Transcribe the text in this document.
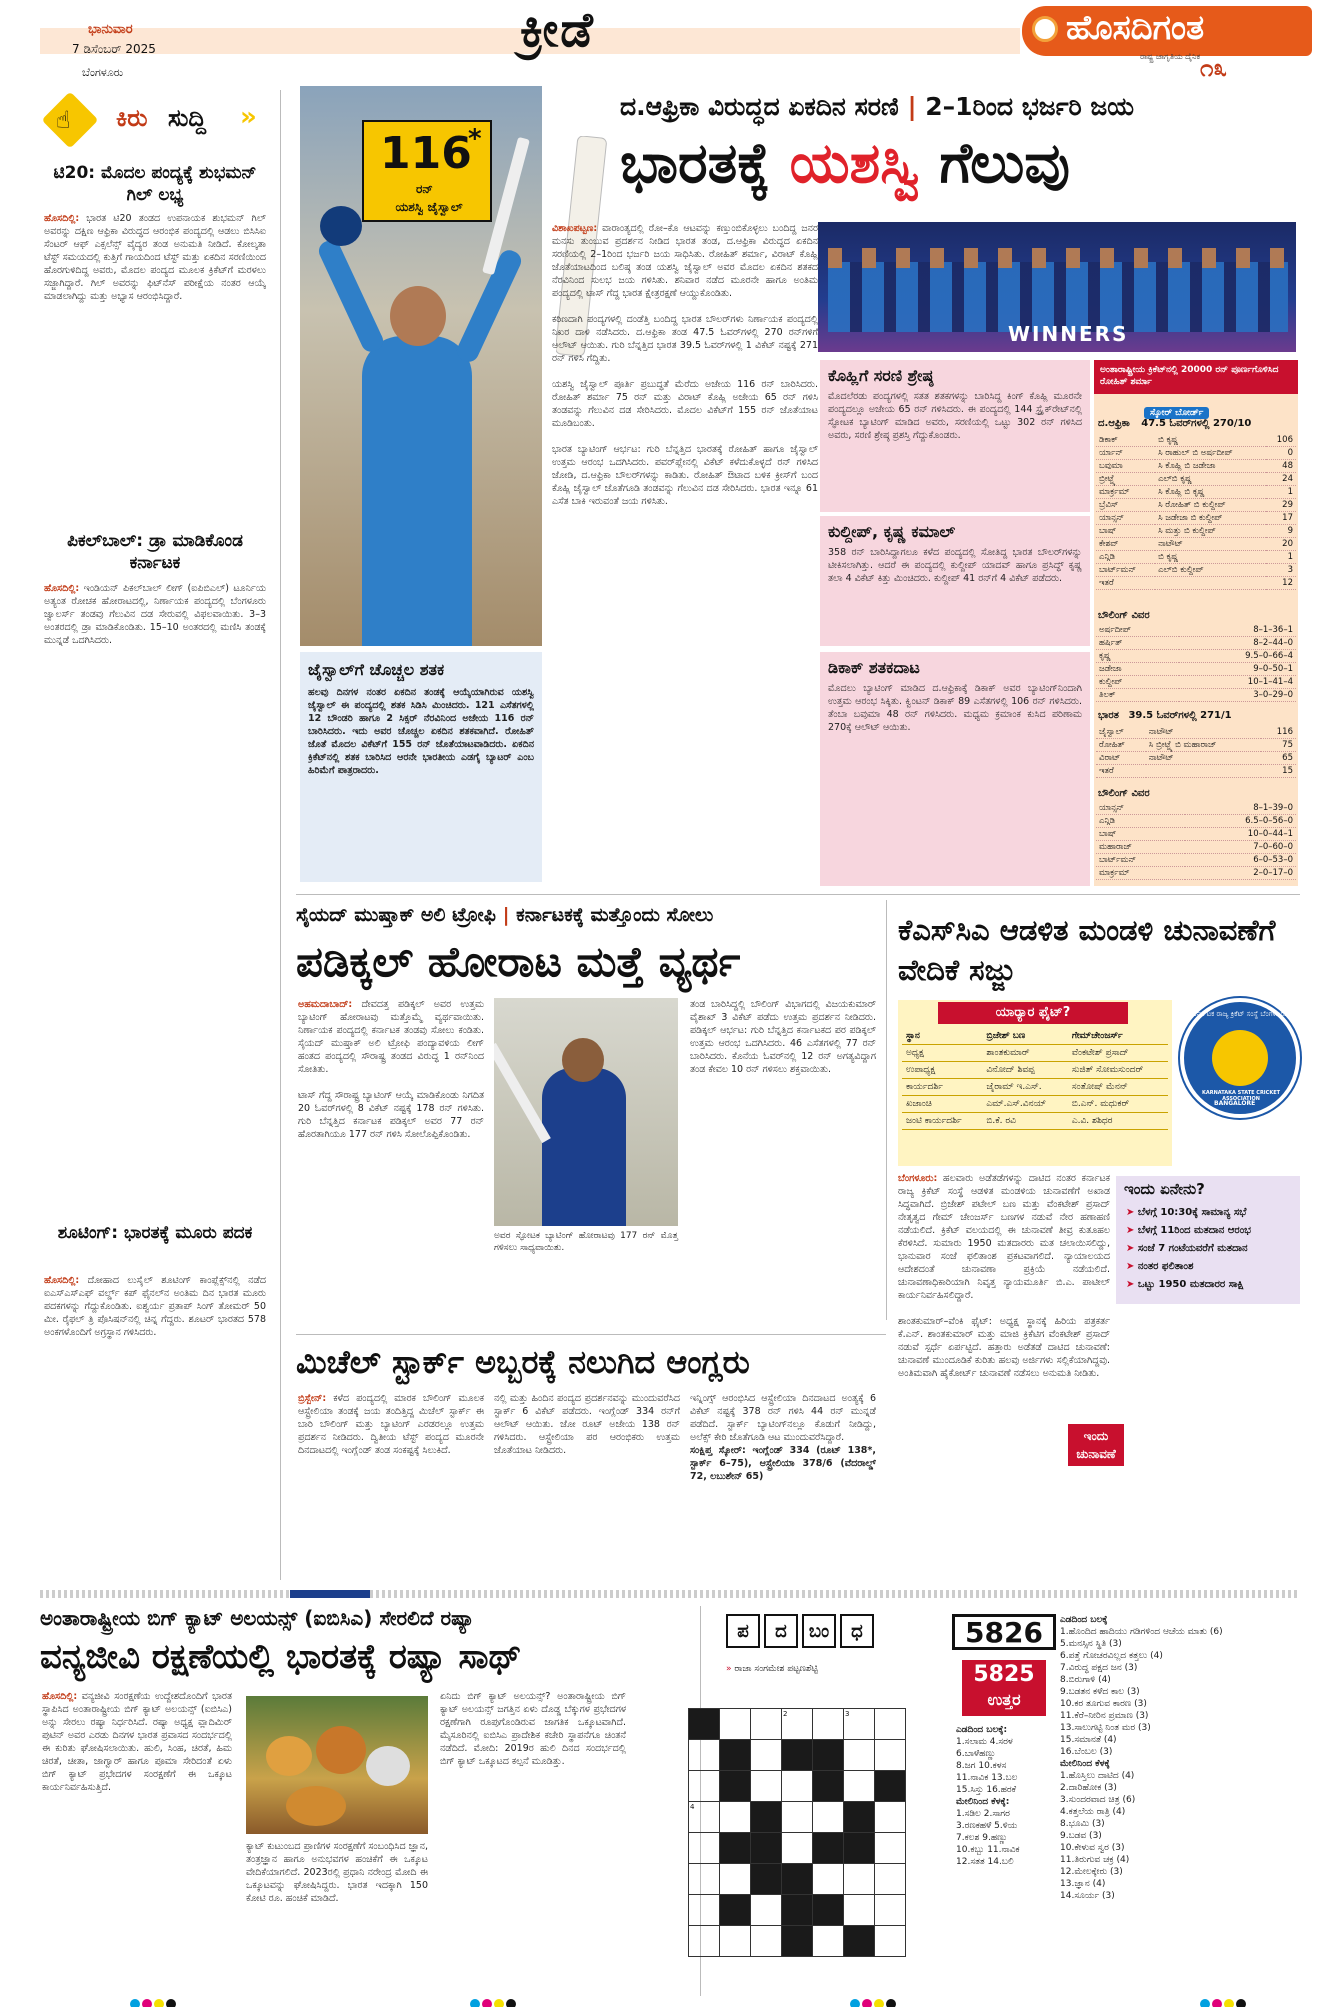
ಭಾನುವಾರ
7 ಡಿಸೆಂಬರ್ 2025
ಬೆಂಗಳೂರು
ಕ್ರೀಡೆ	ಹೊಸದಿಗಂತ
ರಾಷ್ಟ್ರ ಜಾಗೃತಿಯ ದೈನಿಕ ೧೩
☝ ಕಿರು ಸುದ್ದಿ »
ಟಿ20: ಮೊದಲ ಪಂದ್ಯಕ್ಕೆ ಶುಭಮನ್ ಗಿಲ್ ಲಭ್ಯ
ಹೊಸದಿಲ್ಲಿ: ಭಾರತ ಟಿ20 ತಂಡದ ಉಪನಾಯಕ ಶುಭಮನ್ ಗಿಲ್ ಅವರನ್ನು ದಕ್ಷಿಣ ಆಫ್ರಿಕಾ ವಿರುದ್ಧದ ಆರಂಭಿಕ ಪಂದ್ಯದಲ್ಲಿ ಆಡಲು ಬಿಸಿಸಿಐ ಸೆಂಟರ್ ಆಫ್ ಎಕ್ಸಲೆನ್ಸ್ ವೈದ್ಯರ ತಂಡ ಅನುಮತಿ ನೀಡಿದೆ. ಕೋಲ್ಕತಾ ಟೆಸ್ಟ್ ಸಮಯದಲ್ಲಿ ಕುತ್ತಿಗೆ ಗಾಯದಿಂದ ಟೆಸ್ಟ್ ಮತ್ತು ಏಕದಿನ ಸರಣಿಯಿಂದ ಹೊರಗುಳಿದಿದ್ದ ಅವರು, ಮೊದಲ ಪಂದ್ಯದ ಮೂಲಕ ಕ್ರಿಕೆಟ್‌ಗೆ ಮರಳಲು ಸಜ್ಜಾಗಿದ್ದಾರೆ. ಗಿಲ್ ಅವರನ್ನು ಫಿಟ್‌ನೆಸ್ ಪರೀಕ್ಷೆಯ ನಂತರ ಆಯ್ಕೆ ಮಾಡಲಾಗಿದ್ದು ಮತ್ತು ಅಭ್ಯಾಸ ಆರಂಭಿಸಿದ್ದಾರೆ.
ಪಿಕಲ್‌ಬಾಲ್: ಡ್ರಾ ಮಾಡಿಕೊಂಡ ಕರ್ನಾಟಕ
ಹೊಸದಿಲ್ಲಿ: ಇಂಡಿಯನ್ ಪಿಕಲ್‌ಬಾಲ್ ಲೀಗ್ (ಐಪಿಬಿಎಲ್) ಟೂರ್ನಿಯ ಅತ್ಯಂತ ರೋಚಕ ಹೋರಾಟದಲ್ಲಿ, ನಿರ್ಣಾಯಕ ಪಂದ್ಯದಲ್ಲಿ ಬೆಂಗಳೂರು ಜ್ವಾಲರ್ಸ್ ತಂಡವು ಗೆಲುವಿನ ದಡ ಸೇರುವಲ್ಲಿ ವಿಫಲವಾಯಿತು. 3–3 ಅಂತರದಲ್ಲಿ ಡ್ರಾ ಮಾಡಿಕೊಂಡಿತು. 15–10 ಅಂತರದಲ್ಲಿ ಮಣಿಸಿ ತಂಡಕ್ಕೆ ಮುನ್ನಡೆ ಒದಗಿಸಿದರು.
ಶೂಟಿಂಗ್: ಭಾರತಕ್ಕೆ ಮೂರು ಪದಕ
ಹೊಸದಿಲ್ಲಿ: ದೋಹಾದ ಲುಸೈಲ್ ಶೂಟಿಂಗ್ ಕಾಂಪ್ಲೆಕ್ಸ್‌ನಲ್ಲಿ ನಡೆದ ಐಎಸ್‌ಎಸ್‌ಎಫ್ ವರ್ಲ್ಡ್ ಕಪ್ ಫೈನಲ್‌ನ ಅಂತಿಮ ದಿನ ಭಾರತ ಮೂರು ಪದಕಗಳನ್ನು ಗೆದ್ದುಕೊಂಡಿತು. ಐಶ್ವರ್ಯ ಪ್ರತಾಪ್ ಸಿಂಗ್ ತೋಮರ್ 50 ಮೀ. ರೈಫಲ್ ತ್ರಿ ಪೊಸಿಷನ್‌ನಲ್ಲಿ ಚಿನ್ನ ಗೆದ್ದರು. ಶೂಟರ್ ಭಾರತದ 578 ಅಂಕಗಳೊಂದಿಗೆ ಅಗ್ರಸ್ಥಾನ ಗಳಿಸಿದರು.
116
*
ರನ್
ಯಶಸ್ವಿ ಜೈಸ್ವಾಲ್
ದ.ಆಫ್ರಿಕಾ ವಿರುದ್ಧದ ಏಕದಿನ ಸರಣಿ | 2–1ರಿಂದ ಭರ್ಜರಿ ಜಯ
ಭಾರತಕ್ಕೆ ಯಶಸ್ವಿ ಗೆಲುವು
ವಿಶಾಖಪಟ್ಟಣ: ವಾರಾಂತ್ಯದಲ್ಲಿ ರೋ–ಕೊ ಆಟವನ್ನು ಕಣ್ತುಂಬಿಕೊಳ್ಳಲು ಬಂದಿದ್ದ ಜನರ ಮನಸು ತುಂಬುವ ಪ್ರದರ್ಶನ ನೀಡಿದ ಭಾರತ ತಂಡ, ದ.ಆಫ್ರಿಕಾ ವಿರುದ್ಧದ ಏಕದಿನ ಸರಣಿಯಲ್ಲಿ 2–1ರಿಂದ ಭರ್ಜರಿ ಜಯ ಸಾಧಿಸಿತು. ರೋಹಿತ್ ಶರ್ಮಾ, ವಿರಾಟ್ ಕೊಹ್ಲಿ ಜೊತೆಯಾಟದಿಂದ ಬಲಿಷ್ಠ ತಂಡ ಯಶಸ್ವಿ ಜೈಸ್ವಾಲ್ ಅವರ ಮೊದಲ ಏಕದಿನ ಶತಕದ ನೆರವಿನಿಂದ ಸುಲಭ ಜಯ ಗಳಿಸಿತು. ಶನಿವಾರ ನಡೆದ ಮೂರನೇ ಹಾಗೂ ಅಂತಿಮ ಪಂದ್ಯದಲ್ಲಿ ಟಾಸ್ ಗೆದ್ದ ಭಾರತ ಕ್ಷೇತ್ರರಕ್ಷಣೆ ಆಯ್ದುಕೊಂಡಿತು.

ಕಠಿಣದಾಗಿ ಪಂದ್ಯಗಳಲ್ಲಿ ದಂಡೆತ್ತಿ ಬಂದಿದ್ದ ಭಾರತ ಬೌಲರ್‌ಗಳು ನಿರ್ಣಾಯಕ ಪಂದ್ಯದಲ್ಲಿ ನಿಖರ ದಾಳಿ ನಡೆಸಿದರು. ದ.ಆಫ್ರಿಕಾ ತಂಡ 47.5 ಓವರ್‌ಗಳಲ್ಲಿ 270 ರನ್‌ಗಳಿಗೆ ಆಲೌಟ್ ಆಯಿತು. ಗುರಿ ಬೆನ್ನತ್ತಿದ ಭಾರತ 39.5 ಓವರ್‌ಗಳಲ್ಲಿ 1 ವಿಕೆಟ್ ನಷ್ಟಕ್ಕೆ 271 ರನ್ ಗಳಿಸಿ ಗೆದ್ದಿತು.

ಯಶಸ್ವಿ ಜೈಸ್ವಾಲ್ ಪೂರ್ತಿ ಪ್ರಬುದ್ಧತೆ ಮೆರೆದು ಅಜೇಯ 116 ರನ್ ಬಾರಿಸಿದರು. ರೋಹಿತ್ ಶರ್ಮಾ 75 ರನ್ ಮತ್ತು ವಿರಾಟ್ ಕೊಹ್ಲಿ ಅಜೇಯ 65 ರನ್ ಗಳಿಸಿ ತಂಡವನ್ನು ಗೆಲುವಿನ ದಡ ಸೇರಿಸಿದರು. ಮೊದಲ ವಿಕೆಟ್‌ಗೆ 155 ರನ್ ಜೊತೆಯಾಟ ಮೂಡಿಬಂತು.

ಭಾರತ ಬ್ಯಾಟಿಂಗ್ ಆರ್ಭಟ: ಗುರಿ ಬೆನ್ನತ್ತಿದ ಭಾರತಕ್ಕೆ ರೋಹಿತ್ ಹಾಗೂ ಜೈಸ್ವಾಲ್ ಉತ್ತಮ ಆರಂಭ ಒದಗಿಸಿದರು. ಪವರ್‌ಪ್ಲೇನಲ್ಲಿ ವಿಕೆಟ್ ಕಳೆದುಕೊಳ್ಳದೆ ರನ್ ಗಳಿಸಿದ ಜೋಡಿ, ದ.ಆಫ್ರಿಕಾ ಬೌಲರ್‌ಗಳನ್ನು ಕಾಡಿತು. ರೋಹಿತ್ ಔಟಾದ ಬಳಿಕ ಕ್ರೀಸ್‌ಗೆ ಬಂದ ಕೊಹ್ಲಿ ಜೈಸ್ವಾಲ್ ಜೊತೆಗೂಡಿ ತಂಡವನ್ನು ಗೆಲುವಿನ ದಡ ಸೇರಿಸಿದರು. ಭಾರತ ಇನ್ನೂ 61 ಎಸೆತ ಬಾಕಿ ಇರುವಂತೆ ಜಯ ಗಳಿಸಿತು.
WINNERS
ಕೊಹ್ಲಿಗೆ ಸರಣಿ ಶ್ರೇಷ್ಠ
ಮೊದಲೆರಡು ಪಂದ್ಯಗಳಲ್ಲಿ ಸತತ ಶತಕಗಳನ್ನು ಬಾರಿಸಿದ್ದ ಕಿಂಗ್ ಕೊಹ್ಲಿ ಮೂರನೇ ಪಂದ್ಯದಲ್ಲೂ ಅಜೇಯ 65 ರನ್ ಗಳಿಸಿದರು. ಈ ಪಂದ್ಯದಲ್ಲಿ 144 ಸ್ಟ್ರೈಕ್‌ರೇಟ್‌ನಲ್ಲಿ ಸ್ಫೋಟಕ ಬ್ಯಾಟಿಂಗ್ ಮಾಡಿದ ಅವರು, ಸರಣಿಯಲ್ಲಿ ಒಟ್ಟು 302 ರನ್ ಗಳಿಸಿದ ಅವರು, ಸರಣಿ ಶ್ರೇಷ್ಠ ಪ್ರಶಸ್ತಿ ಗೆದ್ದುಕೊಂಡರು.
ಕುಲ್ದೀಪ್, ಕೃಷ್ಣ ಕಮಾಲ್
358 ರನ್ ಬಾರಿಸಿದ್ದಾಗಲೂ ಕಳೆದ ಪಂದ್ಯದಲ್ಲಿ ಸೋತಿದ್ದ ಭಾರತ ಬೌಲರ್‌ಗಳನ್ನು ಟೀಕಿಸಲಾಗಿತ್ತು. ಆದರೆ ಈ ಪಂದ್ಯದಲ್ಲಿ ಕುಲ್ದೀಪ್ ಯಾದವ್ ಹಾಗೂ ಪ್ರಸಿದ್ಧ್ ಕೃಷ್ಣ ತಲಾ 4 ವಿಕೆಟ್ ಕಿತ್ತು ಮಿಂಚಿದರು. ಕುಲ್ದೀಪ್ 41 ರನ್‌ಗೆ 4 ವಿಕೆಟ್ ಪಡೆದರು.
ಡಿಕಾಕ್ ಶತಕದಾಟ
ಮೊದಲು ಬ್ಯಾಟಿಂಗ್ ಮಾಡಿದ ದ.ಆಫ್ರಿಕಾಕ್ಕೆ ಡಿಕಾಕ್ ಅವರ ಬ್ಯಾಟಿಂಗ್‌ನಿಂದಾಗಿ ಉತ್ತಮ ಆರಂಭ ಸಿಕ್ಕಿತು. ಕ್ವಿಂಟನ್ ಡಿಕಾಕ್ 89 ಎಸೆತಗಳಲ್ಲಿ 106 ರನ್ ಗಳಿಸಿದರು. ತೆಂಬಾ ಬವುಮಾ 48 ರನ್ ಗಳಿಸಿದರು. ಮಧ್ಯಮ ಕ್ರಮಾಂಕ ಕುಸಿದ ಪರಿಣಾಮ 270ಕ್ಕೆ ಆಲೌಟ್ ಆಯಿತು.
ಅಂತಾರಾಷ್ಟ್ರೀಯ ಕ್ರಿಕೆಟ್‌ನಲ್ಲಿ 20000 ರನ್ ಪೂರ್ಣಗೊಳಿಸಿದ ರೋಹಿತ್ ಶರ್ಮಾ
ಸ್ಕೋರ್ ಬೋರ್ಡ್
ದ.ಆಫ್ರಿಕಾ 47.5 ಓವರ್‌ಗಳಲ್ಲಿ 270/10
ಡಿಕಾಕ್	ಬಿ ಕೃಷ್ಣ	106
ರ್ಯಾನ್	ಸಿ ರಾಹುಲ್ ಬಿ ಅರ್ಷದೀಪ್	0
ಬವುಮಾ	ಸಿ ಕೊಹ್ಲಿ ಬಿ ಜಡೇಜಾ	48
ಬ್ರೀಟ್ಜ್ಕೆ	ಎಲ್‌ಬಿ ಕೃಷ್ಣ	24
ಮಾರ್ಕ್ರಮ್	ಸಿ ಕೊಹ್ಲಿ ಬಿ ಕೃಷ್ಣ	1
ಬ್ರೆವಿಸ್	ಸಿ ರೋಹಿತ್ ಬಿ ಕುಲ್ದೀಪ್	29
ಯಾನ್ಸನ್	ಸಿ ಜಡೇಜಾ ಬಿ ಕುಲ್ದೀಪ್	17
ಬಾಷ್	ಸಿ ಮತ್ತು ಬಿ ಕುಲ್ದೀಪ್	9
ಕೇಶವ್	ನಾಟೌಟ್	20
ಎನ್ಗಿಡಿ	ಬಿ ಕೃಷ್ಣ	1
ಬಾರ್ಟ್‌ಮನ್	ಎಲ್‌ಬಿ ಕುಲ್ದೀಪ್	3
ಇತರೆ		12
ಬೌಲಿಂಗ್ ವಿವರ
ಅರ್ಷದೀಪ್	8–1–36–1
ಹರ್ಷಿತ್	8–2–44–0
ಕೃಷ್ಣ	9.5–0–66–4
ಜಡೇಜಾ	9–0–50–1
ಕುಲ್ದೀಪ್	10–1–41–4
ತಿಲಕ್	3–0–29–0
ಭಾರತ 39.5 ಓವರ್‌ಗಳಲ್ಲಿ 271/1
ಜೈಸ್ವಾಲ್	ನಾಟೌಟ್	116
ರೋಹಿತ್	ಸಿ ಬ್ರೀಟ್ಜ್ಕೆ ಬಿ ಮಹಾರಾಜ್	75
ವಿರಾಟ್	ನಾಟೌಟ್	65
ಇತರೆ		15
ಬೌಲಿಂಗ್ ವಿವರ
ಯಾನ್ಸನ್	8–1–39–0
ಎನ್ಗಿಡಿ	6.5–0–56–0
ಬಾಷ್	10–0–44–1
ಮಹಾರಾಜ್	7–0–60–0
ಬಾರ್ಟ್‌ಮನ್	6–0–53–0
ಮಾರ್ಕ್ರಮ್	2–0–17–0
ಜೈಸ್ವಾಲ್‌ಗೆ ಚೊಚ್ಚಲ ಶತಕ
ಹಲವು ದಿನಗಳ ನಂತರ ಏಕದಿನ ತಂಡಕ್ಕೆ ಆಯ್ಕೆಯಾಗಿರುವ ಯಶಸ್ವಿ ಜೈಸ್ವಾಲ್ ಈ ಪಂದ್ಯದಲ್ಲಿ ಶತಕ ಸಿಡಿಸಿ ಮಿಂಚಿದರು. 121 ಎಸೆತಗಳಲ್ಲಿ 12 ಬೌಂಡರಿ ಹಾಗೂ 2 ಸಿಕ್ಸರ್ ನೆರವಿನಿಂದ ಅಜೇಯ 116 ರನ್ ಬಾರಿಸಿದರು. ಇದು ಅವರ ಚೊಚ್ಚಲ ಏಕದಿನ ಶತಕವಾಗಿದೆ. ರೋಹಿತ್ ಜೊತೆ ಮೊದಲ ವಿಕೆಟ್‌ಗೆ 155 ರನ್ ಜೊತೆಯಾಟವಾಡಿದರು. ಏಕದಿನ ಕ್ರಿಕೆಟ್‌ನಲ್ಲಿ ಶತಕ ಬಾರಿಸಿದ ಆರನೇ ಭಾರತೀಯ ಎಡಗೈ ಬ್ಯಾಟರ್ ಎಂಬ ಹಿರಿಮೆಗೆ ಪಾತ್ರರಾದರು.
ಸೈಯದ್ ಮುಷ್ತಾಕ್ ಅಲಿ ಟ್ರೋಫಿ | ಕರ್ನಾಟಕಕ್ಕೆ ಮತ್ತೊಂದು ಸೋಲು
ಪಡಿಕ್ಕಲ್ ಹೋರಾಟ ಮತ್ತೆ ವ್ಯರ್ಥ
ಅಹಮದಾಬಾದ್: ದೇವದತ್ತ ಪಡಿಕ್ಕಲ್ ಅವರ ಉತ್ತಮ ಬ್ಯಾಟಿಂಗ್ ಹೋರಾಟವು ಮತ್ತೊಮ್ಮೆ ವ್ಯರ್ಥವಾಯಿತು. ನಿರ್ಣಾಯಕ ಪಂದ್ಯದಲ್ಲಿ ಕರ್ನಾಟಕ ತಂಡವು ಸೋಲು ಕಂಡಿತು. ಸೈಯದ್ ಮುಷ್ತಾಕ್ ಅಲಿ ಟ್ರೋಫಿ ಪಂದ್ಯಾವಳಿಯ ಲೀಗ್ ಹಂತದ ಪಂದ್ಯದಲ್ಲಿ ಸೌರಾಷ್ಟ್ರ ತಂಡದ ವಿರುದ್ಧ 1 ರನ್‌ನಿಂದ ಸೋತಿತು.

ಟಾಸ್ ಗೆದ್ದ ಸೌರಾಷ್ಟ್ರ ಬ್ಯಾಟಿಂಗ್ ಆಯ್ಕೆ ಮಾಡಿಕೊಂಡು ನಿಗದಿತ 20 ಓವರ್‌ಗಳಲ್ಲಿ 8 ವಿಕೆಟ್ ನಷ್ಟಕ್ಕೆ 178 ರನ್ ಗಳಿಸಿತು. ಗುರಿ ಬೆನ್ನತ್ತಿದ ಕರ್ನಾಟಕ ಪಡಿಕ್ಕಲ್ ಅವರ 77 ರನ್ ಹೊರತಾಗಿಯೂ 177 ರನ್ ಗಳಿಸಿ ಸೋಲೊಪ್ಪಿಕೊಂಡಿತು.
ಅವರ ಸ್ಫೋಟಕ ಬ್ಯಾಟಿಂಗ್ ಹೋರಾಟವು 177 ರನ್ ಮೊತ್ತ ಗಳಿಸಲು ಸಾಧ್ಯವಾಯಿತು.
ತಂಡ ಬಾರಿಸಿದ್ದಲ್ಲಿ ಬೌಲಿಂಗ್ ವಿಭಾಗದಲ್ಲಿ ವಿಜಯಕುಮಾರ್ ವೈಶಾಖ್ 3 ವಿಕೆಟ್ ಪಡೆದು ಉತ್ತಮ ಪ್ರದರ್ಶನ ನೀಡಿದರು. ಪಡಿಕ್ಕಲ್ ಆರ್ಭಟ: ಗುರಿ ಬೆನ್ನತ್ತಿದ ಕರ್ನಾಟಕದ ಪರ ಪಡಿಕ್ಕಲ್ ಉತ್ತಮ ಆರಂಭ ಒದಗಿಸಿದರು. 46 ಎಸೆತಗಳಲ್ಲಿ 77 ರನ್ ಬಾರಿಸಿದರು. ಕೊನೆಯ ಓವರ್‌ನಲ್ಲಿ 12 ರನ್ ಅಗತ್ಯವಿದ್ದಾಗ ತಂಡ ಕೇವಲ 10 ರನ್ ಗಳಿಸಲು ಶಕ್ತವಾಯಿತು.
ಕೆಎಸ್‌ಸಿಎ ಆಡಳಿತ ಮಂಡಳಿ ಚುನಾವಣೆಗೆ ವೇದಿಕೆ ಸಜ್ಜು
ಯಾರ್‍ಯಾರ ಫೈಟ್?
ಸ್ಥಾನ	ಬ್ರಿಜೇಶ್ ಬಣ	ಗೇಮ್‌ಚೇಂಜರ್ಸ್
ಅಧ್ಯಕ್ಷ	ಶಾಂತಕುಮಾರ್	ವೆಂಕಟೇಶ್ ಪ್ರಸಾದ್
ಉಪಾಧ್ಯಕ್ಷ	ವಿನೋದ್ ಶಿವಪ್ಪ	ಸುಜಿತ್ ಸೋಮಸುಂದರ್
ಕಾರ್ಯದರ್ಶಿ	ಜೈರಾಮ್ ಇ.ಎಸ್.	ಸಂತೋಷ್ ಮೆನನ್
ಖಜಾಂಚಿ	ಎಮ್.ಎಸ್.ವಿನಯ್	ಬಿ.ಎನ್. ಮಧುಕರ್
ಜಂಟಿ ಕಾರ್ಯದರ್ಶಿ	ಬಿ.ಕೆ. ರವಿ	ಎ.ವಿ. ಶಶಿಧರ
KARNATAKA STATE CRICKET ASSOCIATION
BANGALORE
ಕರ್ನಾಟಕ ರಾಜ್ಯ ಕ್ರಿಕೆಟ್ ಸಂಸ್ಥೆ ಬೆಂಗಳೂರು
ಬೆಂಗಳೂರು: ಹಲವಾರು ಅಡೆತಡೆಗಳನ್ನು ದಾಟಿದ ನಂತರ ಕರ್ನಾಟಕ ರಾಜ್ಯ ಕ್ರಿಕೆಟ್ ಸಂಸ್ಥೆ ಆಡಳಿತ ಮಂಡಳಿಯ ಚುನಾವಣೆಗೆ ಅಖಾಡ ಸಿದ್ಧವಾಗಿದೆ. ಬ್ರಿಜೇಶ್ ಪಟೇಲ್ ಬಣ ಮತ್ತು ವೆಂಕಟೇಶ್ ಪ್ರಸಾದ್ ನೇತೃತ್ವದ ಗೇಮ್ ಚೇಂಜರ್ಸ್ ಬಣಗಳ ನಡುವೆ ನೇರ ಹಣಾಹಣಿ ನಡೆಯಲಿದೆ. ಕ್ರಿಕೆಟ್ ವಲಯದಲ್ಲಿ ಈ ಚುನಾವಣೆ ತೀವ್ರ ಕುತೂಹಲ ಕೆರಳಿಸಿದೆ. ಸುಮಾರು 1950 ಮತದಾರರು ಮತ ಚಲಾಯಿಸಲಿದ್ದು, ಭಾನುವಾರ ಸಂಜೆ ಫಲಿತಾಂಶ ಪ್ರಕಟವಾಗಲಿದೆ. ನ್ಯಾಯಾಲಯದ ಆದೇಶದಂತೆ ಚುನಾವಣಾ ಪ್ರಕ್ರಿಯೆ ನಡೆಯಲಿದೆ. ಚುನಾವಣಾಧಿಕಾರಿಯಾಗಿ ನಿವೃತ್ತ ನ್ಯಾಯಮೂರ್ತಿ ಬಿ.ಎ. ಪಾಟೀಲ್ ಕಾರ್ಯನಿರ್ವಹಿಸಲಿದ್ದಾರೆ.

ಶಾಂತಕುಮಾರ್–ವೆಂಕಿ ಫೈಟ್: ಅಧ್ಯಕ್ಷ ಸ್ಥಾನಕ್ಕೆ ಹಿರಿಯ ಪತ್ರಕರ್ತ ಕೆ.ಎನ್. ಶಾಂತಕುಮಾರ್ ಮತ್ತು ಮಾಜಿ ಕ್ರಿಕೆಟಿಗ ವೆಂಕಟೇಶ್ ಪ್ರಸಾದ್ ನಡುವೆ ಸ್ಪರ್ಧೆ ಏರ್ಪಟ್ಟಿದೆ. ಹತ್ತಾರು ಅಡೆತಡೆ ದಾಟಿದ ಚುನಾವಣೆ: ಚುನಾವಣೆ ಮುಂದೂಡಿಕೆ ಕುರಿತು ಹಲವು ಅರ್ಜಿಗಳು ಸಲ್ಲಿಕೆಯಾಗಿದ್ದವು. ಅಂತಿಮವಾಗಿ ಹೈಕೋರ್ಟ್ ಚುನಾವಣೆ ನಡೆಸಲು ಅನುಮತಿ ನೀಡಿತು.
ಇಂದು ಏನೇನು?
➤ ಬೆಳಗ್ಗೆ 10:30ಕ್ಕೆ ಸಾಮಾನ್ಯ ಸಭೆ
➤ ಬೆಳಗ್ಗೆ 11ರಿಂದ ಮತದಾನ ಆರಂಭ
➤ ಸಂಜೆ 7 ಗಂಟೆಯವರೆಗೆ ಮತದಾನ
➤ ನಂತರ ಫಲಿತಾಂಶ
➤ ಒಟ್ಟು 1950 ಮತದಾರರ ಸಾಕ್ಷಿ
ಇಂದು ಚುನಾವಣೆ
ಮಿಚೆಲ್ ಸ್ಟಾರ್ಕ್ ಅಬ್ಬರಕ್ಕೆ ನಲುಗಿದ ಆಂಗ್ಲರು
ಬ್ರಿಸ್ಬೇನ್: ಕಳೆದ ಪಂದ್ಯದಲ್ಲಿ ಮಾರಕ ಬೌಲಿಂಗ್ ಮೂಲಕ ಆಸ್ಟ್ರೇಲಿಯಾ ತಂಡಕ್ಕೆ ಜಯ ತಂದಿತ್ತಿದ್ದ ಮಿಚೆಲ್ ಸ್ಟಾರ್ಕ್ ಈ ಬಾರಿ ಬೌಲಿಂಗ್ ಮತ್ತು ಬ್ಯಾಟಿಂಗ್ ಎರಡರಲ್ಲೂ ಉತ್ತಮ ಪ್ರದರ್ಶನ ನೀಡಿದರು. ದ್ವಿತೀಯ ಟೆಸ್ಟ್ ಪಂದ್ಯದ ಮೂರನೇ ದಿನದಾಟದಲ್ಲಿ ಇಂಗ್ಲೆಂಡ್ ತಂಡ ಸಂಕಷ್ಟಕ್ಕೆ ಸಿಲುಕಿದೆ.
ನಲ್ಲಿ ಮತ್ತು ಹಿಂದಿನ ಪಂದ್ಯದ ಪ್ರದರ್ಶನವನ್ನು ಮುಂದುವರೆಸಿದ ಸ್ಟಾರ್ಕ್ 6 ವಿಕೆಟ್ ಪಡೆದರು. ಇಂಗ್ಲೆಂಡ್ 334 ರನ್‌ಗೆ ಆಲೌಟ್ ಆಯಿತು. ಜೋ ರೂಟ್ ಅಜೇಯ 138 ರನ್ ಗಳಿಸಿದರು. ಆಸ್ಟ್ರೇಲಿಯಾ ಪರ ಆರಂಭಿಕರು ಉತ್ತಮ ಜೊತೆಯಾಟ ನೀಡಿದರು.
ಇನ್ನಿಂಗ್ಸ್ ಆರಂಭಿಸಿದ ಆಸ್ಟ್ರೇಲಿಯಾ ದಿನದಾಟದ ಅಂತ್ಯಕ್ಕೆ 6 ವಿಕೆಟ್ ನಷ್ಟಕ್ಕೆ 378 ರನ್ ಗಳಿಸಿ 44 ರನ್ ಮುನ್ನಡೆ ಪಡೆದಿದೆ. ಸ್ಟಾರ್ಕ್ ಬ್ಯಾಟಿಂಗ್‌ನಲ್ಲೂ ಕೊಡುಗೆ ನೀಡಿದ್ದು, ಅಲೆಕ್ಸ್ ಕೇರಿ ಜೊತೆಗೂಡಿ ಆಟ ಮುಂದುವರೆಸಿದ್ದಾರೆ.
ಸಂಕ್ಷಿಪ್ತ ಸ್ಕೋರ್: ಇಂಗ್ಲೆಂಡ್ 334 (ರೂಟ್ 138*, ಸ್ಟಾರ್ಕ್ 6–75), ಆಸ್ಟ್ರೇಲಿಯಾ 378/6 (ವೆದರಾಲ್ಡ್ 72, ಲಬುಶೇನ್ 65)
ಅಂತಾರಾಷ್ಟ್ರೀಯ ಬಿಗ್ ಕ್ಯಾಟ್ ಅಲಯನ್ಸ್ (ಐಬಿಸಿಎ) ಸೇರಲಿದೆ ರಷ್ಯಾ
ವನ್ಯಜೀವಿ ರಕ್ಷಣೆಯಲ್ಲಿ ಭಾರತಕ್ಕೆ ರಷ್ಯಾ ಸಾಥ್
ಹೊಸದಿಲ್ಲಿ: ವನ್ಯಜೀವಿ ಸಂರಕ್ಷಣೆಯ ಉದ್ದೇಶದೊಂದಿಗೆ ಭಾರತ ಸ್ಥಾಪಿಸಿದ ಅಂತಾರಾಷ್ಟ್ರೀಯ ಬಿಗ್ ಕ್ಯಾಟ್ ಅಲಯನ್ಸ್ (ಐಬಿಸಿಎ) ಅನ್ನು ಸೇರಲು ರಷ್ಯಾ ನಿರ್ಧರಿಸಿದೆ. ರಷ್ಯಾ ಅಧ್ಯಕ್ಷ ವ್ಲಾದಿಮಿರ್ ಪುಟಿನ್ ಅವರ ಎರಡು ದಿನಗಳ ಭಾರತ ಪ್ರವಾಸದ ಸಂದರ್ಭದಲ್ಲಿ ಈ ಕುರಿತು ಘೋಷಿಸಲಾಯಿತು. ಹುಲಿ, ಸಿಂಹ, ಚಿರತೆ, ಹಿಮ ಚಿರತೆ, ಚೀತಾ, ಜಾಗ್ವಾರ್ ಹಾಗೂ ಪೂಮಾ ಸೇರಿದಂತೆ ಏಳು ಬಿಗ್ ಕ್ಯಾಟ್ ಪ್ರಭೇದಗಳ ಸಂರಕ್ಷಣೆಗೆ ಈ ಒಕ್ಕೂಟ ಕಾರ್ಯನಿರ್ವಹಿಸುತ್ತಿದೆ.
ಕ್ಯಾಟ್ ಕುಟುಂಬದ ಪ್ರಾಣಿಗಳ ಸಂರಕ್ಷಣೆಗೆ ಸಂಬಂಧಿಸಿದ ಜ್ಞಾನ, ತಂತ್ರಜ್ಞಾನ ಹಾಗೂ ಅನುಭವಗಳ ಹಂಚಿಕೆಗೆ ಈ ಒಕ್ಕೂಟ ವೇದಿಕೆಯಾಗಲಿದೆ. 2023ರಲ್ಲಿ ಪ್ರಧಾನಿ ನರೇಂದ್ರ ಮೋದಿ ಈ ಒಕ್ಕೂಟವನ್ನು ಘೋಷಿಸಿದ್ದರು. ಭಾರತ ಇದಕ್ಕಾಗಿ 150 ಕೋಟಿ ರೂ. ಹಂಚಿಕೆ ಮಾಡಿದೆ.
ಏನಿದು ಬಿಗ್ ಕ್ಯಾಟ್ ಅಲಯನ್ಸ್? ಅಂತಾರಾಷ್ಟ್ರೀಯ ಬಿಗ್ ಕ್ಯಾಟ್ ಅಲಯನ್ಸ್ ಜಗತ್ತಿನ ಏಳು ದೊಡ್ಡ ಬೆಕ್ಕುಗಳ ಪ್ರಭೇದಗಳ ರಕ್ಷಣೆಗಾಗಿ ರೂಪುಗೊಂಡಿರುವ ಜಾಗತಿಕ ಒಕ್ಕೂಟವಾಗಿದೆ. ಮೈಸೂರಿನಲ್ಲಿ ಐಬಿಸಿಎ ಪ್ರಾದೇಶಿಕ ಕಚೇರಿ ಸ್ಥಾಪನೆಗೂ ಚಿಂತನೆ ನಡೆದಿದೆ. ಮೋದಿ: 2019ರ ಹುಲಿ ದಿನದ ಸಂದರ್ಭದಲ್ಲಿ ಬಿಗ್ ಕ್ಯಾಟ್ ಒಕ್ಕೂಟದ ಕಲ್ಪನೆ ಮೂಡಿತ್ತು.
ಪ ದ ಬಂ ಧ
» ರಾಜಾ ಸಂಗಮೇಶ ಪಟ್ಟಣಶೆಟ್ಟಿ
5826
5825
ಉತ್ತರ
			2		3	

4						

ಎಡದಿಂದ ಬಲಕ್ಕೆ:
1.ಸಲಾಮ 4.ಸರಳ
6.ಬಾಳೆಹಣ್ಣು
8.ಜಗ 10.ಕಳಸ
11.ನಾವಿಕ 13.ಬಲ
15.ಸಿಸ್ತು 16.ಹರಕೆ
ಮೇಲಿನಿಂದ ಕೆಳಕ್ಕೆ:
1.ಸಡಿಲ 2.ಸಾಗರ
3.ರಣಕಹಳೆ 5.ಳಿಯ
7.ಕಲಶ 9.ಹಣ್ಣು
10.ಕಬ್ಬು 11.ನಾವಿಕ
12.ಸತತ 14.ಬಲಿ
ಎಡದಿಂದ ಬಲಕ್ಕೆ
1.ಹೊಂದಿದ ಹಾದಿಯು ಗಡಿಗಳಿಂದ ಆಚೆಯ ಮಾತು (6)
5.ಮನಸ್ಸಿನ ಸ್ಥಿತಿ (3)
6.ಪತ್ತೆ ಗೋಚರವಿಲ್ಲದ ಕತ್ತಲು (4)
7.ವಿರುದ್ಧ ಪಕ್ಷದ ಜನ (3)
8.ಬಿರುಗಾಳಿ (4)
9.ಬಡತನ ಕಳೆದ ಕಾಲ (3)
10.ಕರ ತೂಗುವ ಕಾರಣ (3)
11.ಕೆರೆ–ನೀರಿನ ಪ್ರಮಾಣ (3)
13.ಸಾಲುಗಟ್ಟಿ ನಿಂತ ಮರ (3)
15.ಸಮಾನತೆ (4)
16.ಬೆಂಬಲ (3)
ಮೇಲಿನಿಂದ ಕೆಳಕ್ಕೆ
1.ಹೊಸ್ತಿಲು ದಾಟಿದ (4)
2.ದಾರಿಹೋಕ (3)
3.ಸುಂದರವಾದ ಚಿತ್ರ (6)
4.ಕತ್ತಲೆಯ ರಾತ್ರಿ (4)
8.ಭೂಮಿ (3)
9.ಬಡವ (3)
10.ಕೇಳುವ ಸ್ವರ (3)
11.ತಿರುಗುವ ಚಕ್ರ (4)
12.ಮೇಲಕ್ಕೇರು (3)
13.ಜ್ಞಾನ (4)
14.ಸೂರ್ಯ (3)
